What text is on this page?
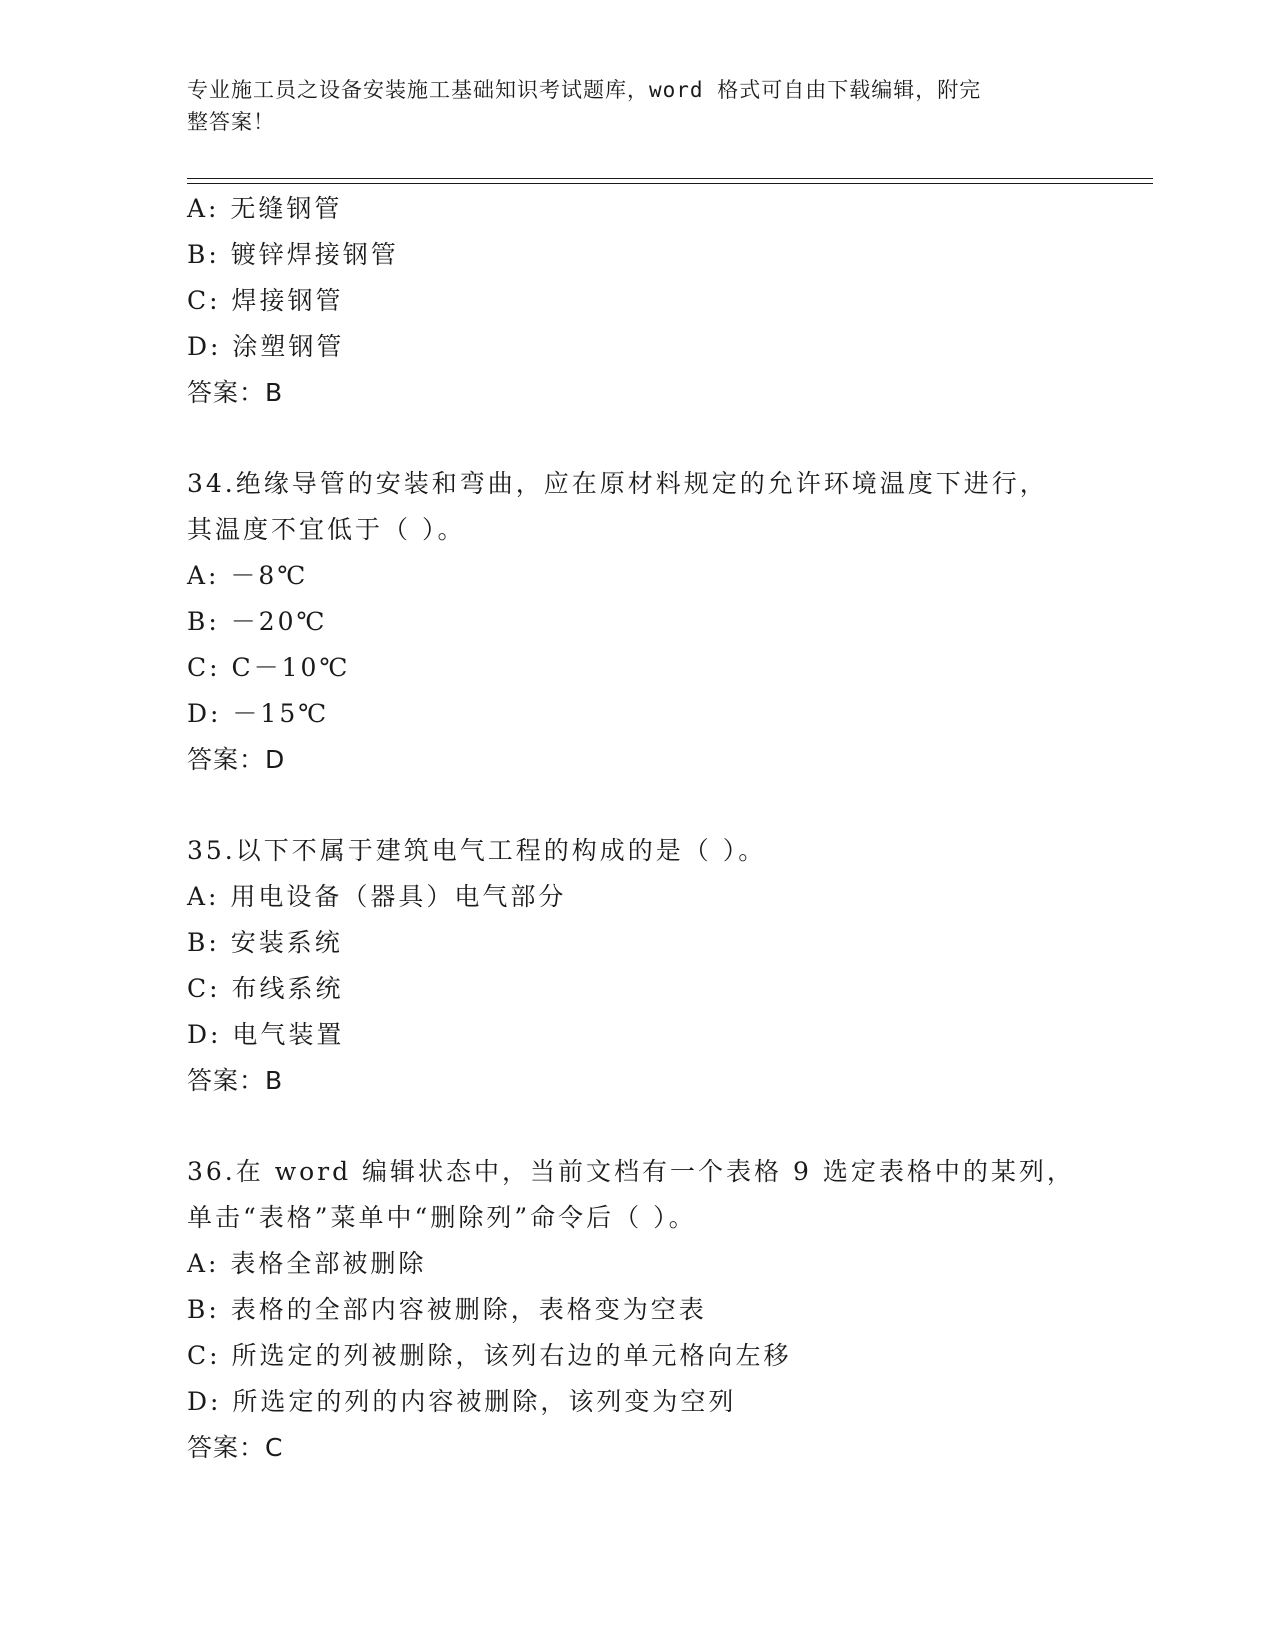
专业施工员之设备安装施工基础知识考试题库，word 格式可自由下载编辑，附完
整答案！
A: 无缝钢管
B: 镀锌焊接钢管
C: 焊接钢管
D: 涂塑钢管
答案：B
34.绝缘导管的安装和弯曲，应在原材料规定的允许环境温度下进行，
其温度不宜低于（ ）。
A: －8℃
B: －20℃
C: C－10℃
D: －15℃
答案：D
35.以下不属于建筑电气工程的构成的是（ ）。
A: 用电设备（器具）电气部分
B: 安装系统
C: 布线系统
D: 电气装置
答案：B
36.在 word 编辑状态中，当前文档有一个表格 9 选定表格中的某列，
单击“表格”菜单中“删除列”命令后（ ）。
A: 表格全部被删除
B: 表格的全部内容被删除，表格变为空表
C: 所选定的列被删除，该列右边的单元格向左移
D: 所选定的列的内容被删除，该列变为空列
答案：C
